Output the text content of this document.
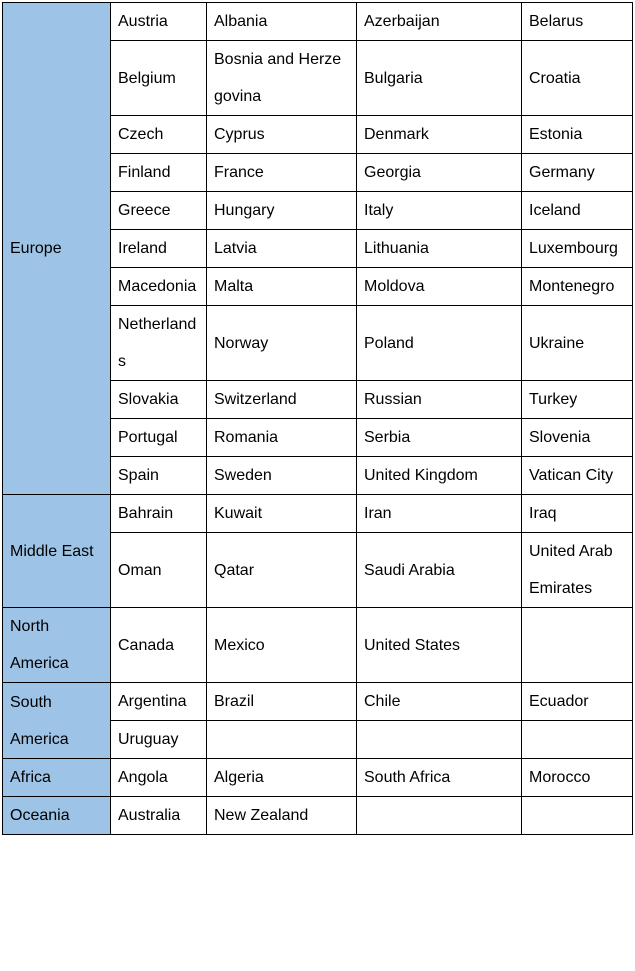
Europe	Austria	Albania	Azerbaijan	Belarus
	Belgium	Bosnia and Herzegovina	Bulgaria	Croatia
	Czech	Cyprus	Denmark	Estonia
	Finland	France	Georgia	Germany
	Greece	Hungary	Italy	Iceland
	Ireland	Latvia	Lithuania	Luxembourg
	Macedonia	Malta	Moldova	Montenegro
	Netherlands	Norway	Poland	Ukraine
	Slovakia	Switzerland	Russian	Turkey
	Portugal	Romania	Serbia	Slovenia
	Spain	Sweden	United Kingdom	Vatican City
Middle East	Bahrain	Kuwait	Iran	Iraq
	Oman	Qatar	Saudi Arabia	United Arab Emirates
North America	Canada	Mexico	United States	
South America	Argentina	Brazil	Chile	Ecuador
	Uruguay			
Africa	Angola	Algeria	South Africa	Morocco
Oceania	Australia	New Zealand		
